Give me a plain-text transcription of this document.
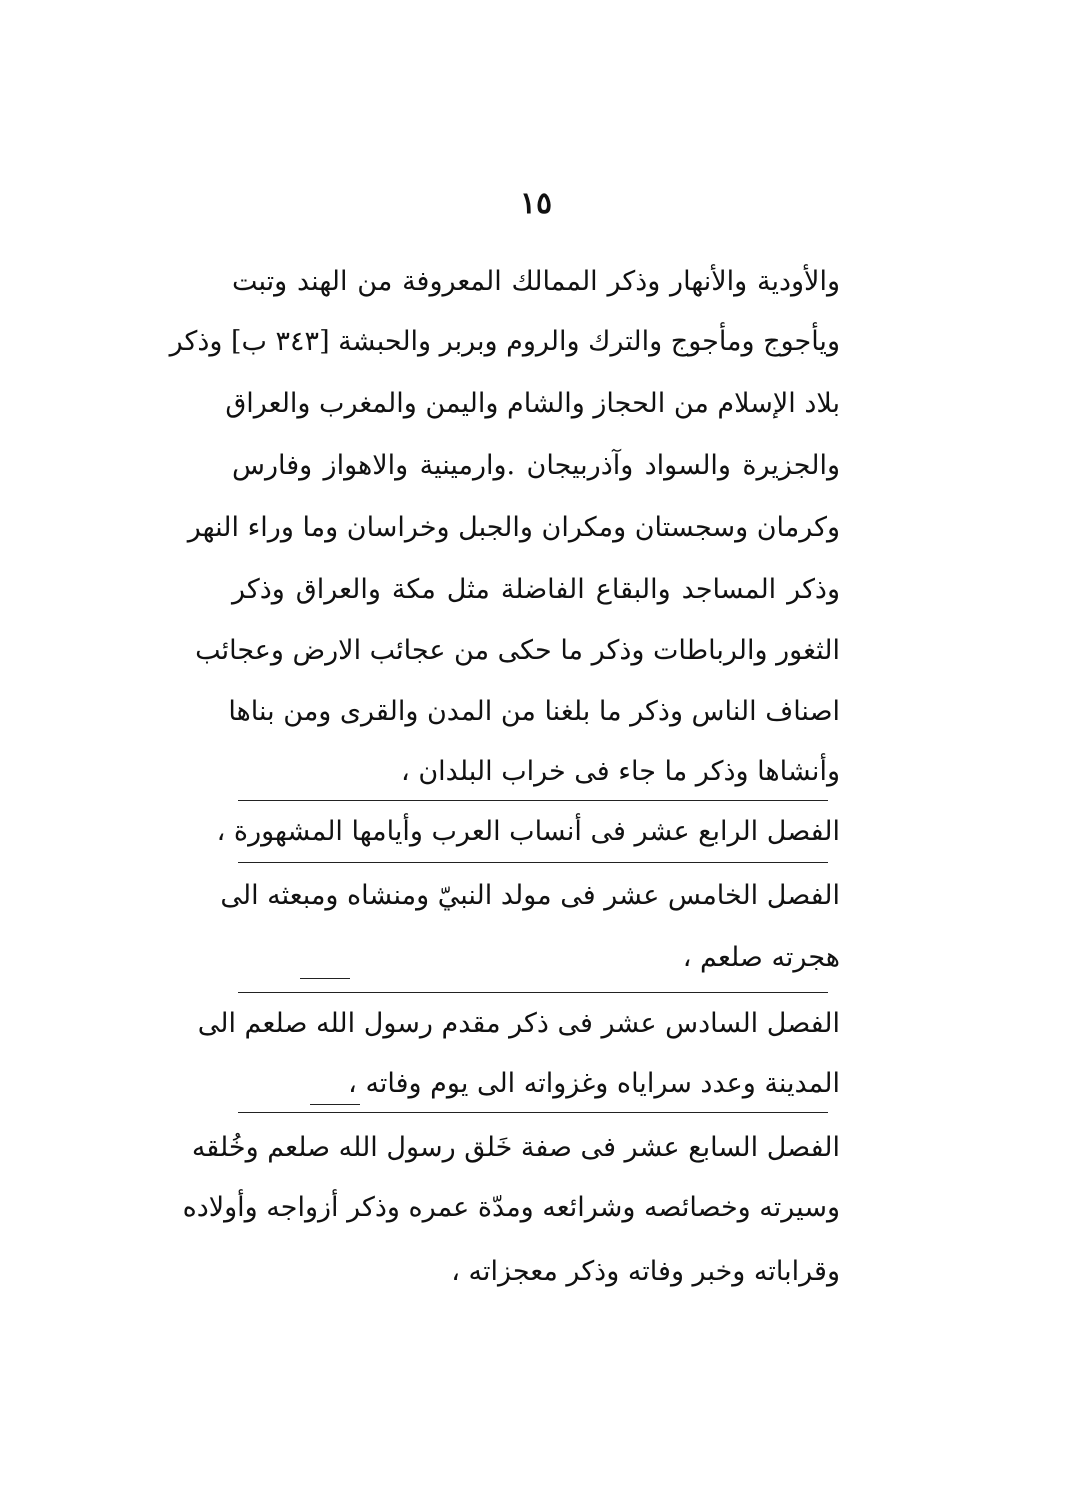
١٥
والأودية والأنهار وذكر الممالك المعروفة من الهند وتبت
ويأجوج ومأجوج والترك والروم وبربر والحبشة [٣٤٣ ب] وذكر
بلاد الإسلام من الحجاز والشام واليمن والمغرب والعراق
والجزيرة والسواد وآذربيجان .وارمينية والاهواز وفارس
وكرمان وسجستان ومكران والجبل وخراسان وما وراء النهر
وذكر المساجد والبقاع الفاضلة مثل مكة والعراق وذكر
الثغور والرباطات وذكر ما حكى من عجائب الارض وعجائب
اصناف الناس وذكر ما بلغنا من المدن والقرى ومن بناها
وأنشاها وذكر ما جاء فى خراب البلدان ،
الفصل الرابع عشر فى أنساب العرب وأيامها المشهورة ،
الفصل الخامس عشر فى مولد النبيّ ومنشاه ومبعثه الى
هجرته صلعم ،
الفصل السادس عشر فى ذكر مقدم رسول الله صلعم الى
المدينة وعدد سراياه وغزواته الى يوم وفاته ،
الفصل السابع عشر فى صفة خَلق رسول الله صلعم وخُلقه
وسيرته وخصائصه وشرائعه ومدّة عمره وذكر أزواجه وأولاده
وقراباته وخبر وفاته وذكر معجزاته ،
